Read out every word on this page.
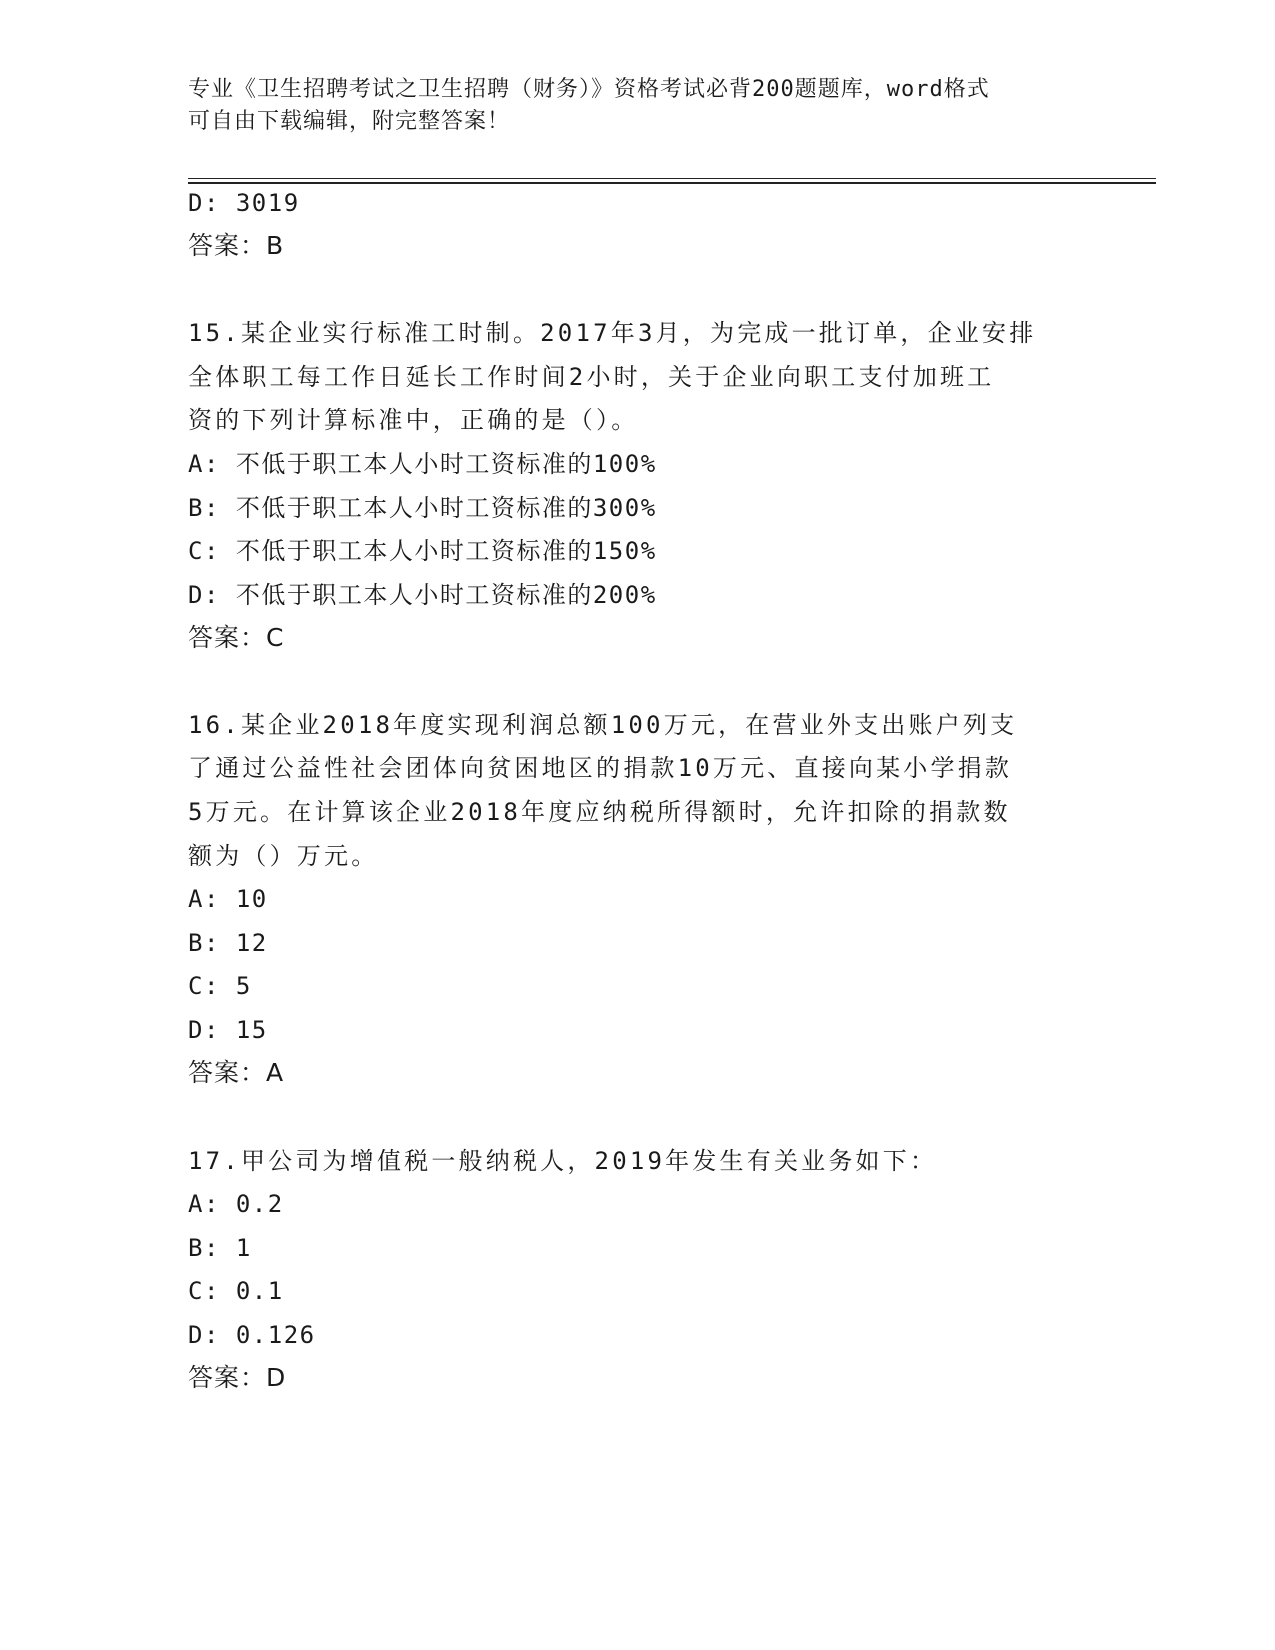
专业《卫生招聘考试之卫生招聘（财务）》资格考试必背200题题库，word格式
可自由下载编辑，附完整答案！
D: 3019
答案：B
15.某企业实行标准工时制。2017年3月，为完成一批订单，企业安排
全体职工每工作日延长工作时间2小时，关于企业向职工支付加班工
资的下列计算标准中，正确的是（）。
A: 不低于职工本人小时工资标准的100%
B: 不低于职工本人小时工资标准的300%
C: 不低于职工本人小时工资标准的150%
D: 不低于职工本人小时工资标准的200%
答案：C
16.某企业2018年度实现利润总额100万元，在营业外支出账户列支
了通过公益性社会团体向贫困地区的捐款10万元、直接向某小学捐款
5万元。在计算该企业2018年度应纳税所得额时，允许扣除的捐款数
额为（）万元。
A: 10
B: 12
C: 5
D: 15
答案：A
17.甲公司为增值税一般纳税人，2019年发生有关业务如下：
A: 0.2
B: 1
C: 0.1
D: 0.126
答案：D
